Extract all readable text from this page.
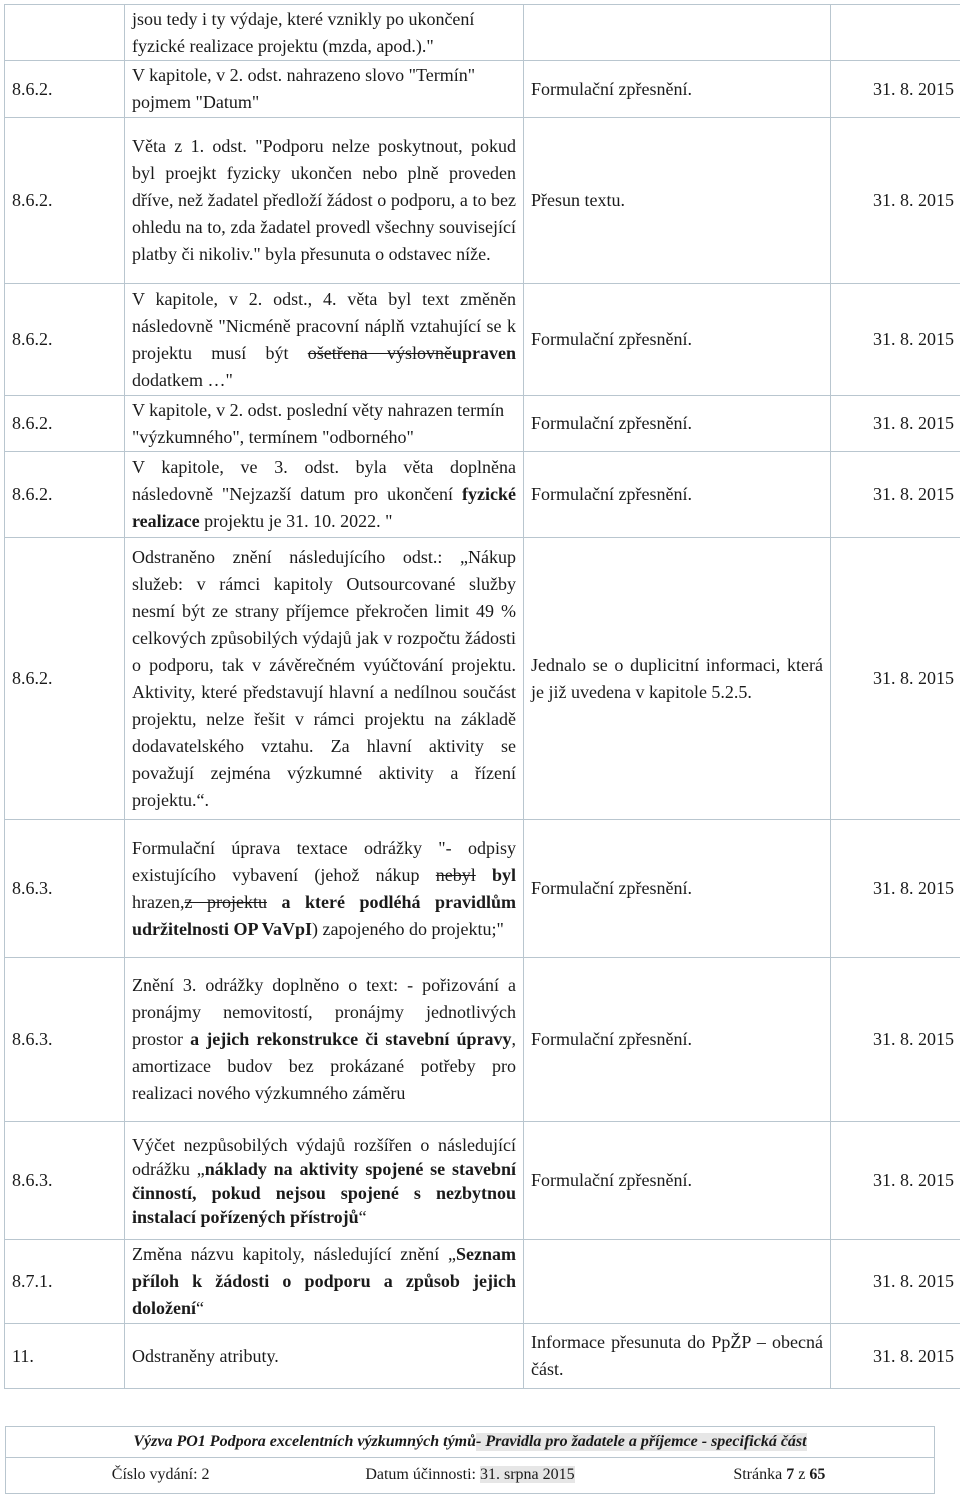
	jsou tedy i ty výdaje, které vznikly po ukončení fyzické realizace projektu (mzda, apod.)."		
8.6.2.	V kapitole, v 2. odst. nahrazeno slovo "Termín" pojmem "Datum"	Formulační zpřesnění.	31. 8. 2015
8.6.2.	Věta z 1. odst. "Podporu nelze poskytnout, pokud byl proejkt fyzicky ukončen nebo plně proveden dříve, než žadatel předloží žádost o podporu, a to bez ohledu na to, zda žadatel provedl všechny související platby či nikoliv." byla přesunuta o odstavec níže.	Přesun textu.	31. 8. 2015
8.6.2.	V kapitole, v 2. odst., 4. věta byl text změněn následovně "Nicméně pracovní náplň vztahující se k projektu musí být ošetřena výslovněupraven dodatkem …"	Formulační zpřesnění.	31. 8. 2015
8.6.2.	V kapitole, v 2. odst. poslední věty nahrazen termín "výzkumného", termínem "odborného"	Formulační zpřesnění.	31. 8. 2015
8.6.2.	V kapitole, ve 3. odst. byla věta doplněna následovně "Nejzazší datum pro ukončení fyzické realizace projektu je 31. 10. 2022. "	Formulační zpřesnění.	31. 8. 2015
8.6.2.	Odstraněno znění následujícího odst.: „Nákup služeb: v rámci kapitoly Outsourcované služby nesmí být ze strany příjemce překročen limit 49 % celkových způsobilých výdajů jak v rozpočtu žádosti o podporu, tak v závěrečném vyúčtování projektu. Aktivity, které představují hlavní a nedílnou součást projektu, nelze řešit v rámci projektu na základě dodavatelského vztahu. Za hlavní aktivity se považují zejména výzkumné aktivity a řízení projektu.“.	Jednalo se o duplicitní informaci, která je již uvedena v kapitole 5.2.5.	31. 8. 2015
8.6.3.	Formulační úprava textace odrážky "- odpisy existujícího vybavení (jehož nákup nebyl byl hrazen,z projektu a které podléhá pravidlům udržitelnosti OP VaVpI) zapojeného do projektu;"	Formulační zpřesnění.	31. 8. 2015
8.6.3.	Znění 3. odrážky doplněno o text: - pořizování a pronájmy nemovitostí, pronájmy jednotlivých prostor a jejich rekonstrukce či stavební úpravy, amortizace budov bez prokázané potřeby pro realizaci nového výzkumného záměru	Formulační zpřesnění.	31. 8. 2015
8.6.3.	Výčet nezpůsobilých výdajů rozšířen o následující odrážku „náklady na aktivity spojené se stavební činností, pokud nejsou spojené s nezbytnou instalací pořízených přístrojů“	Formulační zpřesnění.	31. 8. 2015
8.7.1.	Změna názvu kapitoly, následující znění „Seznam příloh k žádosti o podporu a způsob jejich doložení“		31. 8. 2015
11.	Odstraněny atributy.	Informace přesunuta do PpŽP – obecná část.	31. 8. 2015
Výzva PO1 Podpora excelentních výzkumných týmů - Pravidla pro žadatele a příjemce - specifická část
Číslo vydání: 2	Datum účinnosti: 31. srpna 2015	Stránka 7 z 65
